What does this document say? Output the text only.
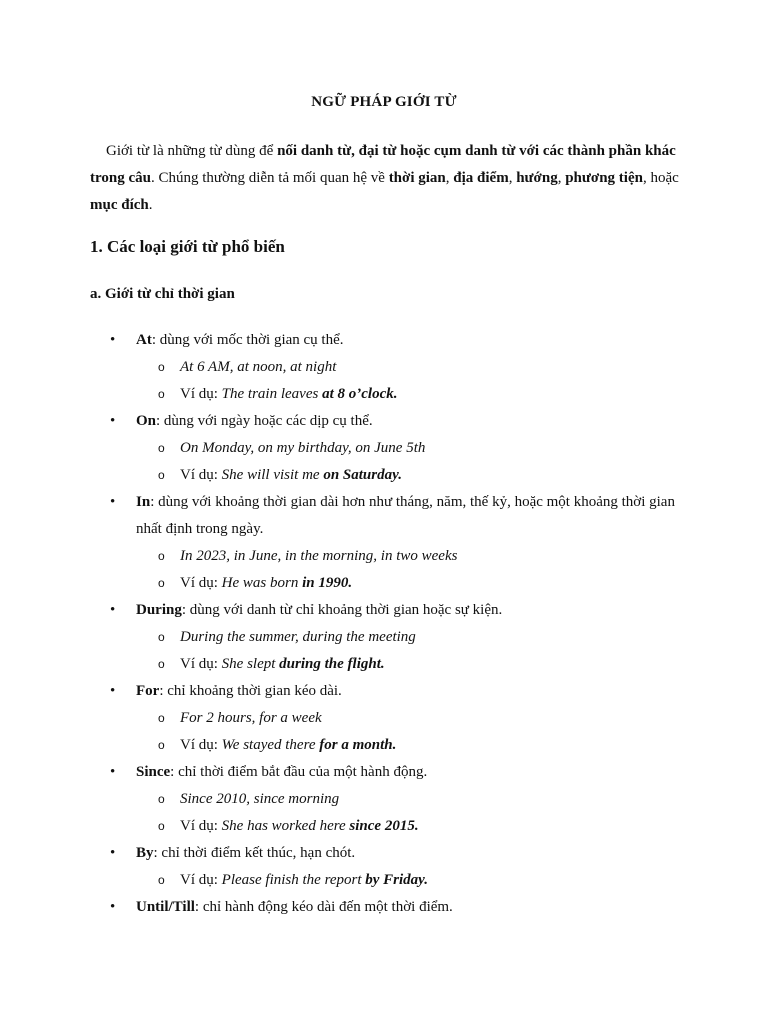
NGỮ PHÁP GIỚI TỪ

Giới từ là những từ dùng để nối danh từ, đại từ hoặc cụm danh từ với các thành phần khác trong câu. Chúng thường diễn tả mối quan hệ về thời gian, địa điểm, hướng, phương tiện, hoặc mục đích.

1. Các loại giới từ phổ biến
a. Giới từ chỉ thời gian
• At: dùng với mốc thời gian cụ thể.
o At 6 AM, at noon, at night
o Ví dụ: The train leaves at 8 o’clock.
• On: dùng với ngày hoặc các dịp cụ thể.
o On Monday, on my birthday, on June 5th
o Ví dụ: She will visit me on Saturday.
• In: dùng với khoảng thời gian dài hơn như tháng, năm, thế kỷ, hoặc một khoảng thời gian nhất định trong ngày.
o In 2023, in June, in the morning, in two weeks
o Ví dụ: He was born in 1990.
• During: dùng với danh từ chỉ khoảng thời gian hoặc sự kiện.
o During the summer, during the meeting
o Ví dụ: She slept during the flight.
• For: chỉ khoảng thời gian kéo dài.
o For 2 hours, for a week
o Ví dụ: We stayed there for a month.
• Since: chỉ thời điểm bắt đầu của một hành động.
o Since 2010, since morning
o Ví dụ: She has worked here since 2015.
• By: chỉ thời điểm kết thúc, hạn chót.
o Ví dụ: Please finish the report by Friday.
• Until/Till: chỉ hành động kéo dài đến một thời điểm.
